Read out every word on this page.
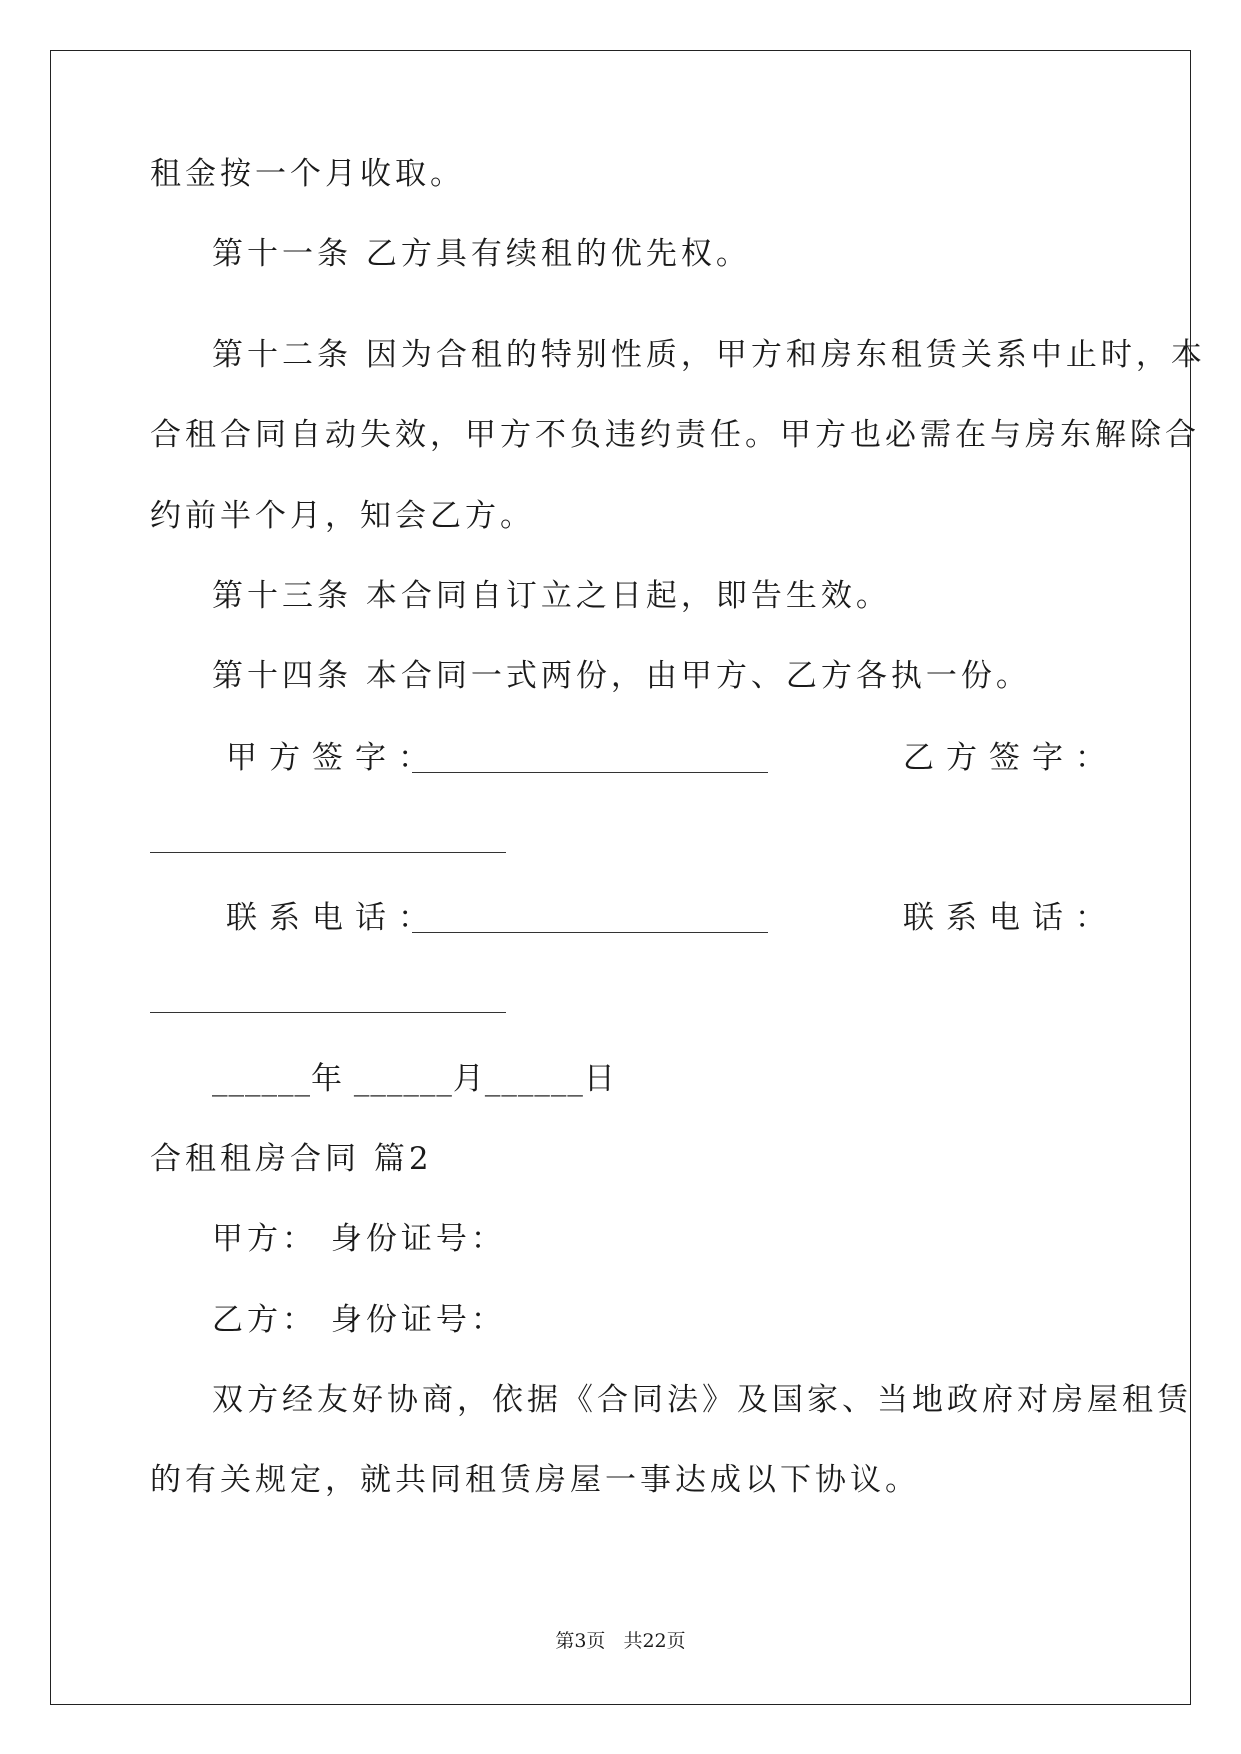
租金按一个月收取。
第十一条 乙方具有续租的优先权。
第十二条 因为合租的特别性质，甲方和房东租赁关系中止时，本
合租合同自动失效，甲方不负违约责任。甲方也必需在与房东解除合
约前半个月，知会乙方。
第十三条 本合同自订立之日起，即告生效。
第十四条 本合同一式两份，由甲方、乙方各执一份。
甲方签字：	乙方签字：
联系电话：	联系电话：
______年 ______月______日
合租租房合同 篇2
甲方： 身份证号：
乙方： 身份证号：
双方经友好协商，依据《合同法》及国家、当地政府对房屋租赁
的有关规定，就共同租赁房屋一事达成以下协议。
第3页 共22页
